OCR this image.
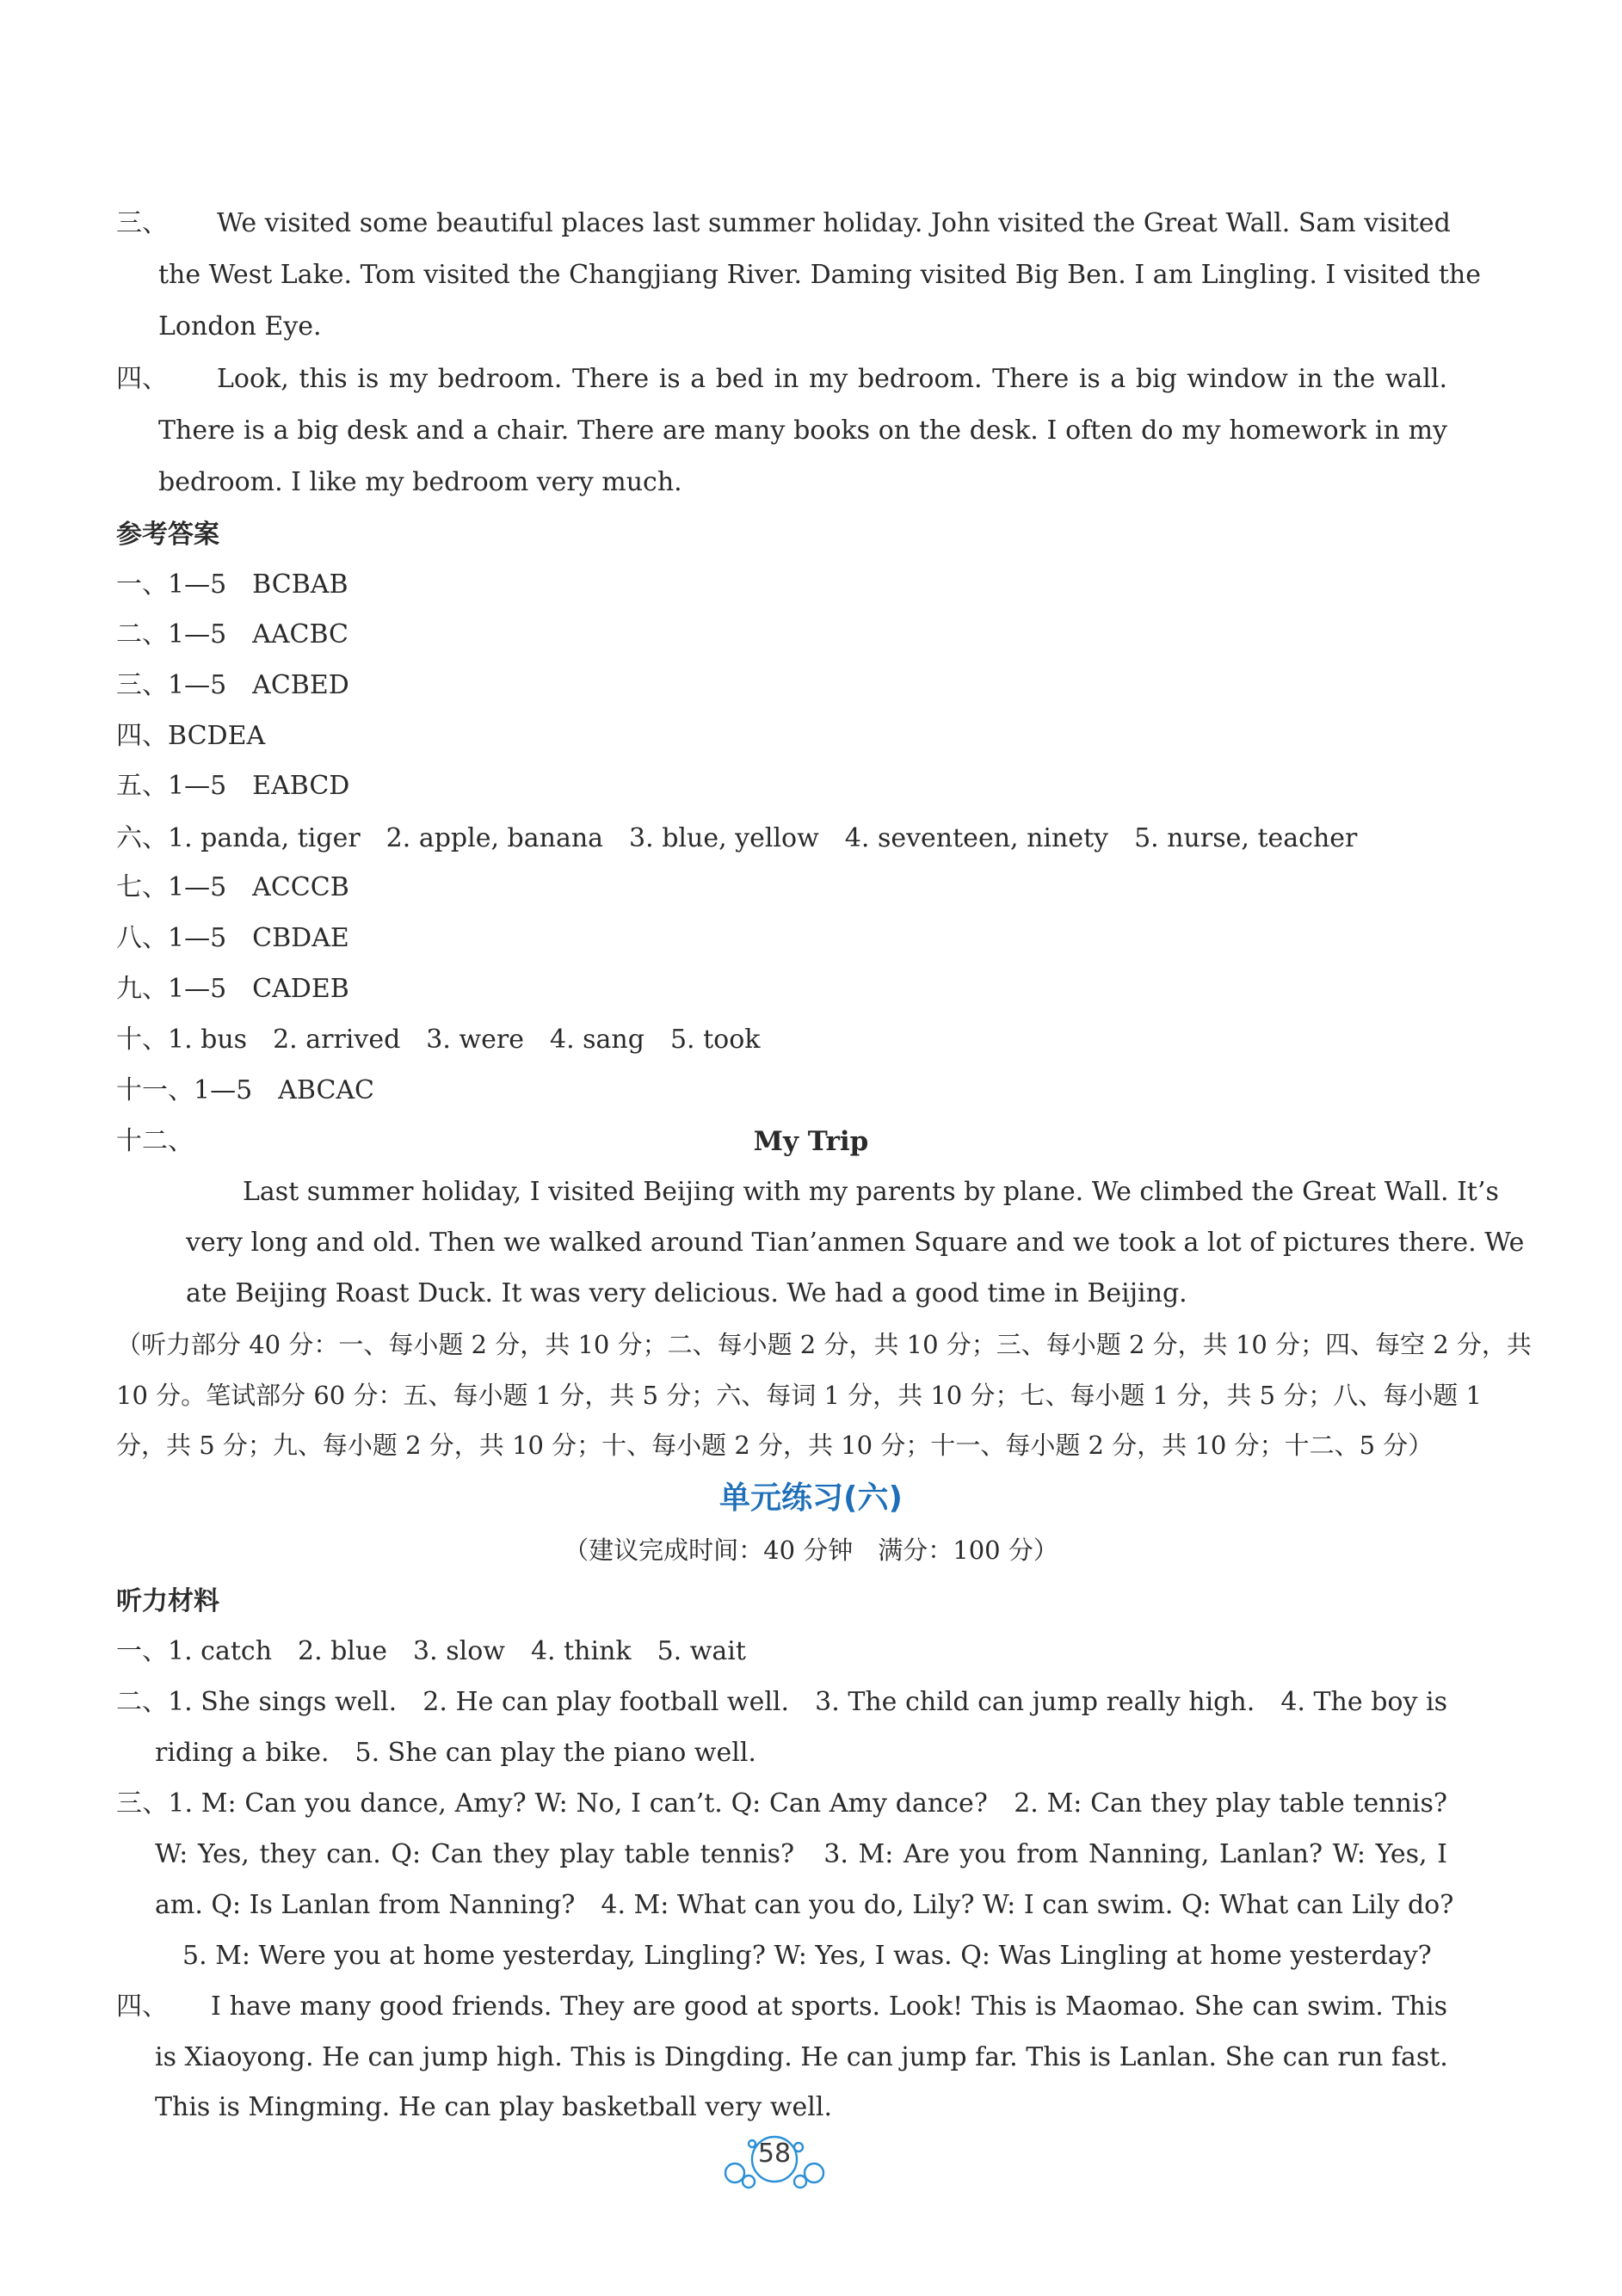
三、 We visited some beautiful places last summer holiday. John visited the Great Wall. Sam visited
the West Lake. Tom visited the Changjiang River. Daming visited Big Ben. I am Lingling. I visited the
London Eye.
四、 Look, this is my bedroom. There is a bed in my bedroom. There is a big window in the wall.
There is a big desk and a chair. There are many books on the desk. I often do my homework in my
bedroom. I like my bedroom very much.
参考答案
一、1—5　BCBAB
二、1—5　AACBC
三、1—5　ACBED
四、BCDEA
五、1—5　EABCD
六、1. panda, tiger　2. apple, banana　3. blue, yellow　4. seventeen, ninety　5. nurse, teacher
七、1—5　ACCCB
八、1—5　CBDAE
九、1—5　CADEB
十、1. bus　2. arrived　3. were　4. sang　5. took
十一、1—5　ABCAC
十二、	My Trip
Last summer holiday, I visited Beijing with my parents by plane. We climbed the Great Wall. It’s
very long and old. Then we walked around Tian’anmen Square and we took a lot of pictures there. We
ate Beijing Roast Duck. It was very delicious. We had a good time in Beijing.
（听力部分 40 分：一、每小题 2 分，共 10 分；二、每小题 2 分，共 10 分；三、每小题 2 分，共 10 分；四、每空 2 分，共
10 分。笔试部分 60 分：五、每小题 1 分，共 5 分；六、每词 1 分，共 10 分；七、每小题 1 分，共 5 分；八、每小题 1
分，共 5 分；九、每小题 2 分，共 10 分；十、每小题 2 分，共 10 分；十一、每小题 2 分，共 10 分；十二、5 分）
单元练习(六)
（建议完成时间：40 分钟　满分：100 分）
听力材料
一、1. catch　2. blue　3. slow　4. think　5. wait
二、1. She sings well.　2. He can play football well.　3. The child can jump really high.　4. The boy is
riding a bike.　5. She can play the piano well.
三、1. M: Can you dance, Amy? W: No, I can’t. Q: Can Amy dance?　2. M: Can they play table tennis?
W: Yes, they can. Q: Can they play table tennis?　3. M: Are you from Nanning, Lanlan? W: Yes, I
am. Q: Is Lanlan from Nanning?　4. M: What can you do, Lily? W: I can swim. Q: What can Lily do?
5. M: Were you at home yesterday, Lingling? W: Yes, I was. Q: Was Lingling at home yesterday?
四、 I have many good friends. They are good at sports. Look! This is Maomao. She can swim. This
is Xiaoyong. He can jump high. This is Dingding. He can jump far. This is Lanlan. She can run fast.
This is Mingming. He can play basketball very well.
58
